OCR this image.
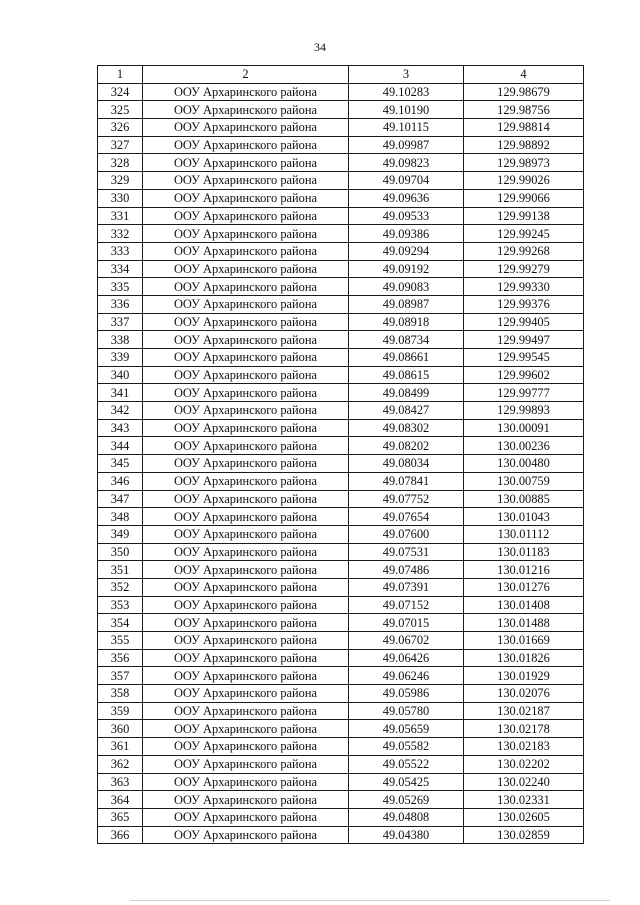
34
1	2	3	4
324	ООУ Архаринского района	49.10283	129.98679
325	ООУ Архаринского района	49.10190	129.98756
326	ООУ Архаринского района	49.10115	129.98814
327	ООУ Архаринского района	49.09987	129.98892
328	ООУ Архаринского района	49.09823	129.98973
329	ООУ Архаринского района	49.09704	129.99026
330	ООУ Архаринского района	49.09636	129.99066
331	ООУ Архаринского района	49.09533	129.99138
332	ООУ Архаринского района	49.09386	129.99245
333	ООУ Архаринского района	49.09294	129.99268
334	ООУ Архаринского района	49.09192	129.99279
335	ООУ Архаринского района	49.09083	129.99330
336	ООУ Архаринского района	49.08987	129.99376
337	ООУ Архаринского района	49.08918	129.99405
338	ООУ Архаринского района	49.08734	129.99497
339	ООУ Архаринского района	49.08661	129.99545
340	ООУ Архаринского района	49.08615	129.99602
341	ООУ Архаринского района	49.08499	129.99777
342	ООУ Архаринского района	49.08427	129.99893
343	ООУ Архаринского района	49.08302	130.00091
344	ООУ Архаринского района	49.08202	130.00236
345	ООУ Архаринского района	49.08034	130.00480
346	ООУ Архаринского района	49.07841	130.00759
347	ООУ Архаринского района	49.07752	130.00885
348	ООУ Архаринского района	49.07654	130.01043
349	ООУ Архаринского района	49.07600	130.01112
350	ООУ Архаринского района	49.07531	130.01183
351	ООУ Архаринского района	49.07486	130.01216
352	ООУ Архаринского района	49.07391	130.01276
353	ООУ Архаринского района	49.07152	130.01408
354	ООУ Архаринского района	49.07015	130.01488
355	ООУ Архаринского района	49.06702	130.01669
356	ООУ Архаринского района	49.06426	130.01826
357	ООУ Архаринского района	49.06246	130.01929
358	ООУ Архаринского района	49.05986	130.02076
359	ООУ Архаринского района	49.05780	130.02187
360	ООУ Архаринского района	49.05659	130.02178
361	ООУ Архаринского района	49.05582	130.02183
362	ООУ Архаринского района	49.05522	130.02202
363	ООУ Архаринского района	49.05425	130.02240
364	ООУ Архаринского района	49.05269	130.02331
365	ООУ Архаринского района	49.04808	130.02605
366	ООУ Архаринского района	49.04380	130.02859
